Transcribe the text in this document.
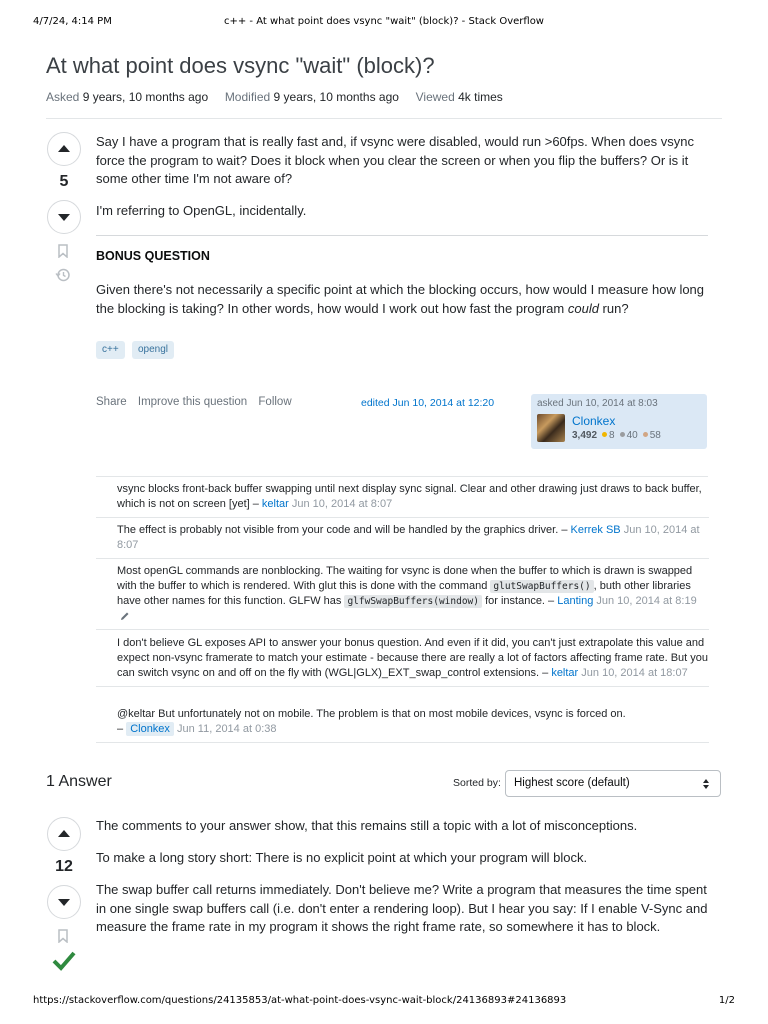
4/7/24, 4:14 PM	c++ - At what point does vsync "wait" (block)? - Stack Overflow
At what point does vsync "wait" (block)?
Asked 9 years, 10 months ago Modified 9 years, 10 months ago Viewed 4k times
5

Say I have a program that is really fast and, if vsync were disabled, would run >60fps. When does vsync force the program to wait? Does it block when you clear the screen or when you flip the buffers? Or is it some other time I'm not aware of?

I'm referring to OpenGL, incidentally.

BONUS QUESTION

Given there's not necessarily a specific point at which the blocking occurs, how would I measure how long the blocking is taking? In other words, how would I work out how fast the program could run?

c++	opengl
Share Improve this question Follow	edited Jun 10, 2014 at 12:20	asked Jun 10, 2014 at 8:03
Clonkex
3,492 8 40 58
vsync blocks front-back buffer swapping until next display sync signal. Clear and other drawing just draws to back buffer, which is not on screen [yet] – keltar Jun 10, 2014 at 8:07
The effect is probably not visible from your code and will be handled by the graphics driver. – Kerrek SB Jun 10, 2014 at 8:07
Most openGL commands are nonblocking. The waiting for vsync is done when the buffer to which is drawn is swapped with the buffer to which is rendered. With glut this is done with the command glutSwapBuffers() , buth other libraries have other names for this function. GLFW has glfwSwapBuffers(window) for instance. – Lanting Jun 10, 2014 at 8:19
I don't believe GL exposes API to answer your bonus question. And even if it did, you can't just extrapolate this value and expect non-vsync framerate to match your estimate - because there are really a lot of factors affecting frame rate. But you can switch vsync on and off on the fly with (WGL|GLX)_EXT_swap_control extensions. – keltar Jun 10, 2014 at 18:07
@keltar But unfortunately not on mobile. The problem is that on most mobile devices, vsync is forced on.
– Clonkex Jun 11, 2014 at 0:38
1 Answer	Sorted by: Highest score (default)
12

The comments to your answer show, that this remains still a topic with a lot of misconceptions.

To make a long story short: There is no explicit point at which your program will block.

The swap buffer call returns immediately. Don't believe me? Write a program that measures the time spent in one single swap buffers call (i.e. don't enter a rendering loop). But I hear you say: If I enable V-Sync and measure the frame rate in my program it shows the right frame rate, so somewhere it has to block.

https://stackoverflow.com/questions/24135853/at-what-point-does-vsync-wait-block/24136893#24136893	1/2
